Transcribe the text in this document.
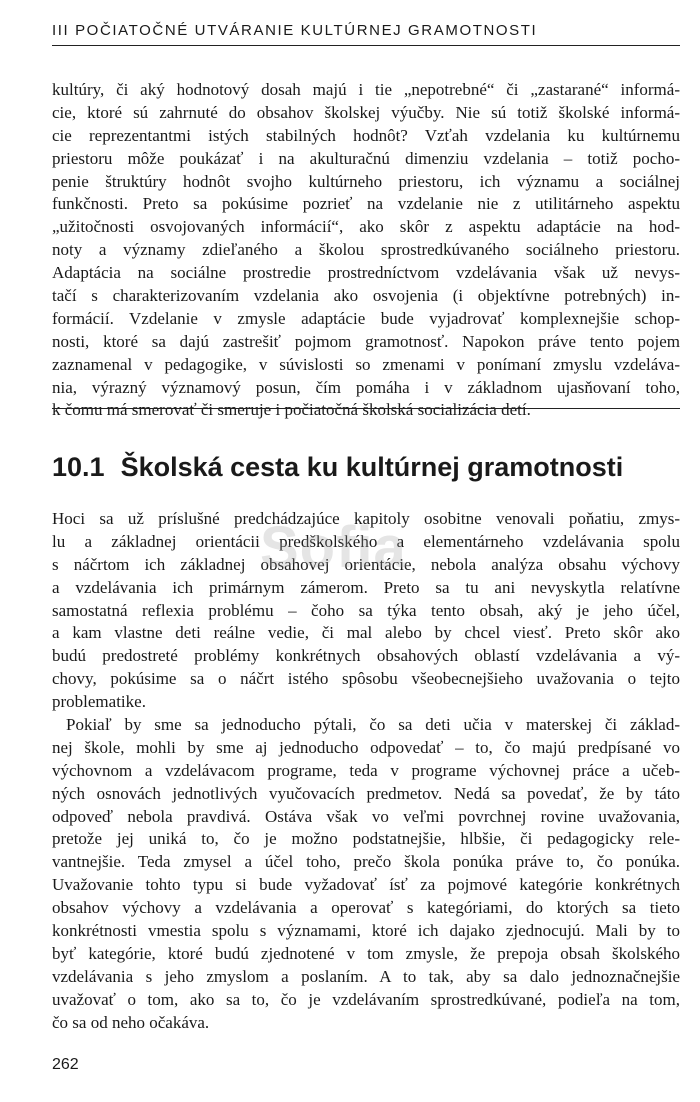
III POČIATOČNÉ UTVÁRANIE KULTÚRNEJ GRAMOTNOSTI
kultúry, či aký hodnotový dosah majú i tie „nepotrebné“ či „zastarané“ informá-
cie, ktoré sú zahrnuté do obsahov školskej výučby. Nie sú totiž školské informá-
cie reprezentantmi istých stabilných hodnôt? Vzťah vzdelania ku kultúrnemu
priestoru môže poukázať i na akulturačnú dimenziu vzdelania – totiž pocho-
penie štruktúry hodnôt svojho kultúrneho priestoru, ich významu a sociálnej
funkčnosti. Preto sa pokúsime pozrieť na vzdelanie nie z utilitárneho aspektu
„užitočnosti osvojovaných informácií“, ako skôr z aspektu adaptácie na hod-
noty a významy zdieľaného a školou sprostredkúvaného sociálneho priestoru.
Adaptácia na sociálne prostredie prostredníctvom vzdelávania však už nevys-
tačí s charakterizovaním vzdelania ako osvojenia (i objektívne potrebných) in-
formácií. Vzdelanie v zmysle adaptácie bude vyjadrovať komplexnejšie schop-
nosti, ktoré sa dajú zastrešiť pojmom gramotnosť. Napokon práve tento pojem
zaznamenal v pedagogike, v súvislosti so zmenami v ponímaní zmyslu vzdeláva-
nia, výrazný významový posun, čím pomáha i v základnom ujasňovaní toho,
k čomu má smerovať či smeruje i počiatočná školská socializácia detí.
10.1 Školská cesta ku kultúrnej gramotnosti
Hoci sa už príslušné predchádzajúce kapitoly osobitne venovali poňatiu, zmys-
lu a základnej orientácii predškolského a elementárneho vzdelávania spolu
s náčrtom ich základnej obsahovej orientácie, nebola analýza obsahu výchovy
a vzdelávania ich primárnym zámerom. Preto sa tu ani nevyskytla relatívne
samostatná reflexia problému – čoho sa týka tento obsah, aký je jeho účel,
a kam vlastne deti reálne vedie, či mal alebo by chcel viesť. Preto skôr ako
budú predostreté problémy konkrétnych obsahových oblastí vzdelávania a vý-
chovy, pokúsime sa o náčrt istého spôsobu všeobecnejšieho uvažovania o tejto
problematike.
Pokiaľ by sme sa jednoducho pýtali, čo sa deti učia v materskej či základ-
nej škole, mohli by sme aj jednoducho odpovedať – to, čo majú predpísané vo
výchovnom a vzdelávacom programe, teda v programe výchovnej práce a učeb-
ných osnovách jednotlivých vyučovacích predmetov. Nedá sa povedať, že by táto
odpoveď nebola pravdivá. Ostáva však vo veľmi povrchnej rovine uvažovania,
pretože jej uniká to, čo je možno podstatnejšie, hlbšie, či pedagogicky rele-
vantnejšie. Teda zmysel a účel toho, prečo škola ponúka práve to, čo ponúka.
Uvažovanie tohto typu si bude vyžadovať ísť za pojmové kategórie konkrétnych
obsahov výchovy a vzdelávania a operovať s kategóriami, do ktorých sa tieto
konkrétnosti vmestia spolu s významami, ktoré ich dajako zjednocujú. Mali by to
byť kategórie, ktoré budú zjednotené v tom zmysle, že prepoja obsah školského
vzdelávania s jeho zmyslom a poslaním. A to tak, aby sa dalo jednoznačnejšie
uvažovať o tom, ako sa to, čo je vzdelávaním sprostredkúvané, podieľa na tom,
čo sa od neho očakáva.
Sofia
262
